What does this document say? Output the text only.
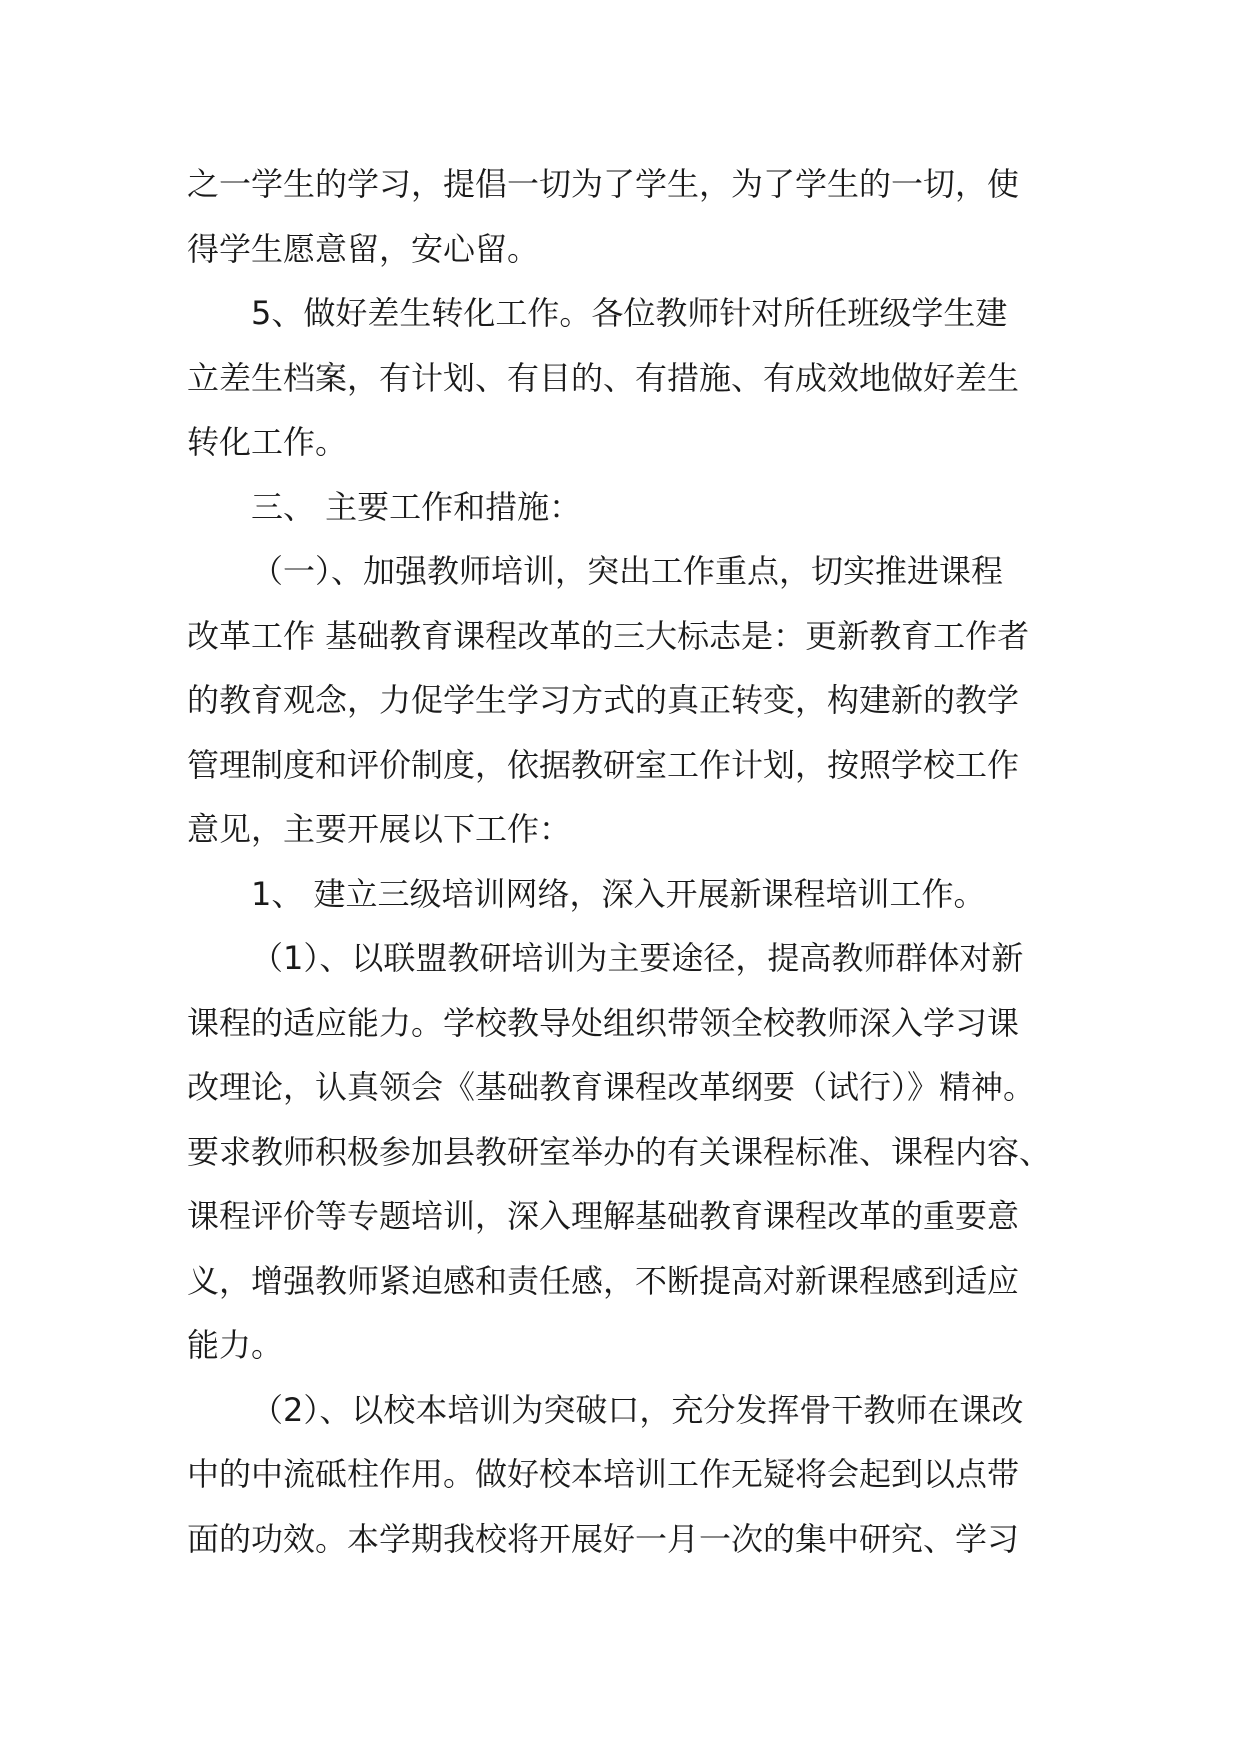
之一学生的学习，提倡一切为了学生，为了学生的一切，使
得学生愿意留，安心留。
5、做好差生转化工作。各位教师针对所任班级学生建
立差生档案，有计划、有目的、有措施、有成效地做好差生
转化工作。
三、 主要工作和措施：
（一）、加强教师培训，突出工作重点，切实推进课程
改革工作 基础教育课程改革的三大标志是：更新教育工作者
的教育观念，力促学生学习方式的真正转变，构建新的教学
管理制度和评价制度，依据教研室工作计划，按照学校工作
意见，主要开展以下工作：
1、 建立三级培训网络，深入开展新课程培训工作。
（1）、以联盟教研培训为主要途径，提高教师群体对新
课程的适应能力。学校教导处组织带领全校教师深入学习课
改理论，认真领会《基础教育课程改革纲要（试行）》精神。
要求教师积极参加县教研室举办的有关课程标准、课程内容、
课程评价等专题培训，深入理解基础教育课程改革的重要意
义，增强教师紧迫感和责任感，不断提高对新课程感到适应
能力。
（2）、以校本培训为突破口，充分发挥骨干教师在课改
中的中流砥柱作用。做好校本培训工作无疑将会起到以点带
面的功效。本学期我校将开展好一月一次的集中研究、学习
